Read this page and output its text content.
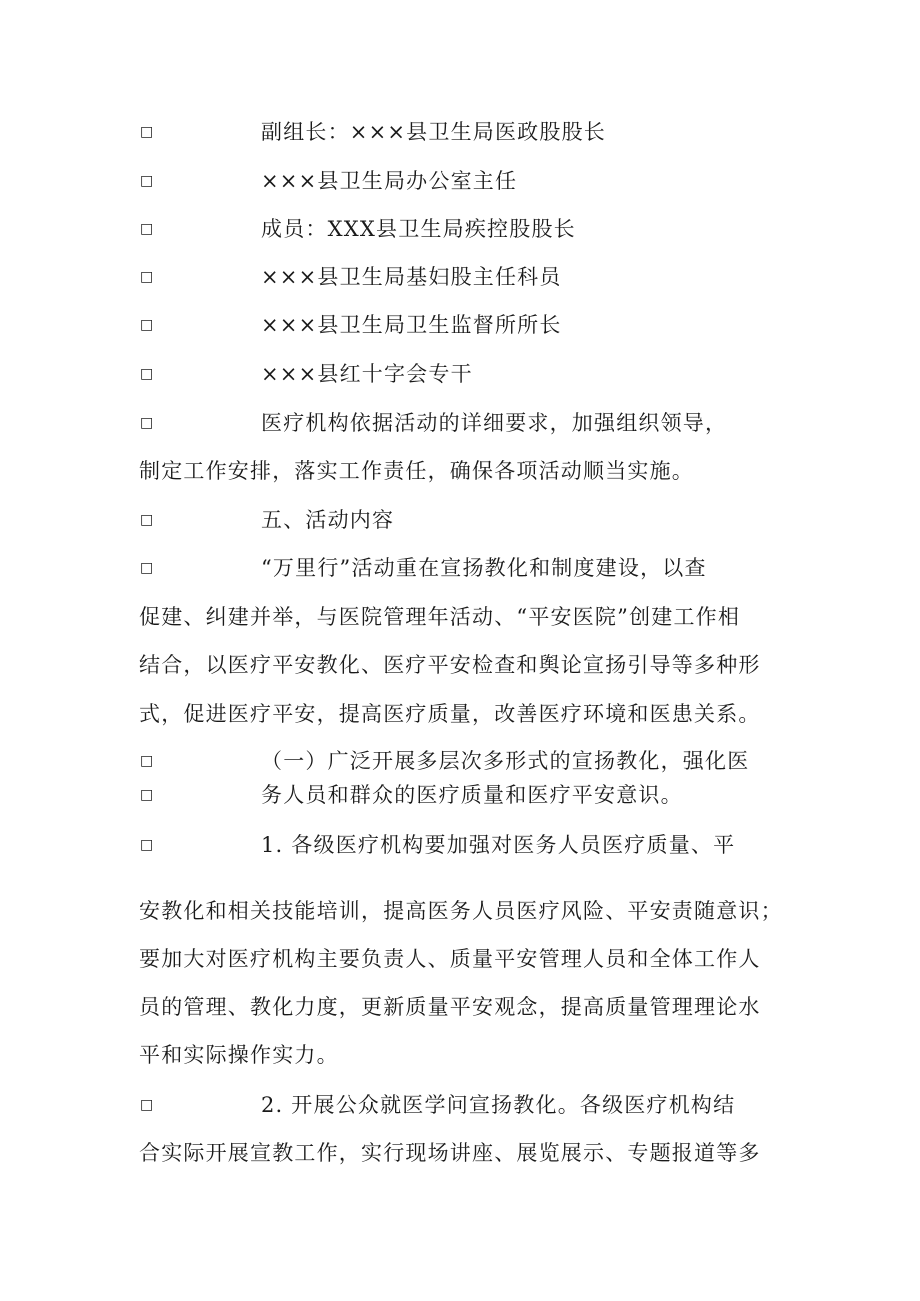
□	副组长：×××县卫生局医政股股长
□	×××县卫生局办公室主任
□	成员：XXX县卫生局疾控股股长
□	×××县卫生局基妇股主任科员
□	×××县卫生局卫生监督所所长
□	×××县红十字会专干
□	医疗机构依据活动的详细要求，加强组织领导，
制定工作安排，落实工作责任，确保各项活动顺当实施。
□	五、活动内容
□	“万里行”活动重在宣扬教化和制度建设，以查
促建、纠建并举，与医院管理年活动、“平安医院”创建工作相
结合，以医疗平安教化、医疗平安检查和舆论宣扬引导等多种形
式，促进医疗平安，提高医疗质量，改善医疗环境和医患关系。
□	（一）广泛开展多层次多形式的宣扬教化，强化医
□	务人员和群众的医疗质量和医疗平安意识。
□	1. 各级医疗机构要加强对医务人员医疗质量、平
安教化和相关技能培训，提高医务人员医疗风险、平安责随意识；
要加大对医疗机构主要负责人、质量平安管理人员和全体工作人
员的管理、教化力度，更新质量平安观念，提高质量管理理论水
平和实际操作实力。
□	2. 开展公众就医学问宣扬教化。各级医疗机构结
合实际开展宣教工作，实行现场讲座、展览展示、专题报道等多
